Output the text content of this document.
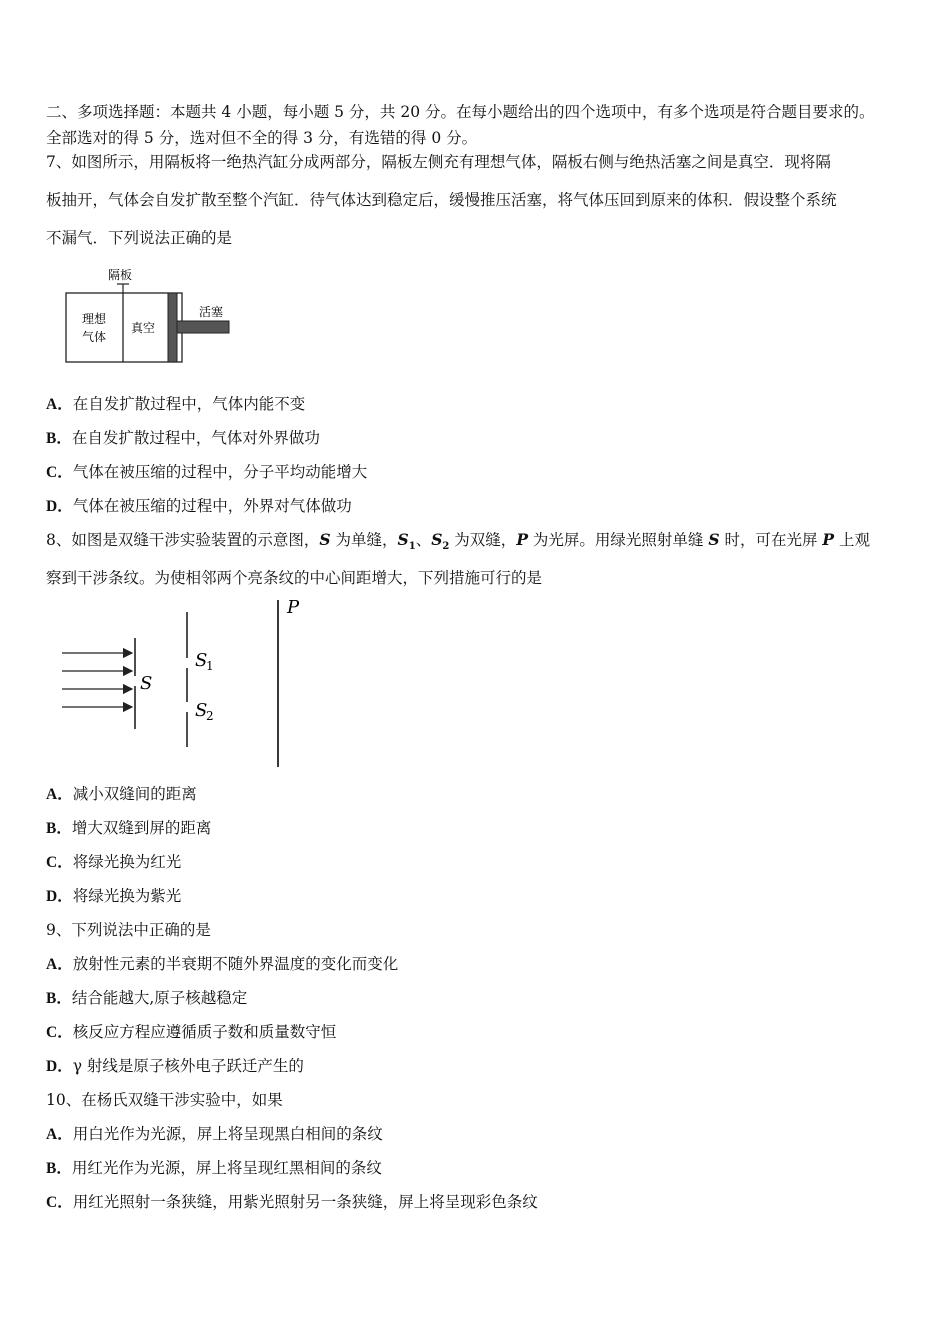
二、多项选择题：本题共 4 小题，每小题 5 分，共 20 分。在每小题给出的四个选项中，有多个选项是符合题目要求的。
全部选对的得 5 分，选对但不全的得 3 分，有选错的得 0 分。
7、如图所示，用隔板将一绝热汽缸分成两部分，隔板左侧充有理想气体，隔板右侧与绝热活塞之间是真空．现将隔
板抽开，气体会自发扩散至整个汽缸．待气体达到稳定后，缓慢推压活塞，将气体压回到原来的体积．假设整个系统
不漏气．下列说法正确的是
隔板
理想
气体
真空
活塞
A．在自发扩散过程中，气体内能不变
B．在自发扩散过程中，气体对外界做功
C．气体在被压缩的过程中，分子平均动能增大
D．气体在被压缩的过程中，外界对气体做功
8、如图是双缝干涉实验装置的示意图，S 为单缝，$S_1$、$S_2$ 为双缝，P 为光屏。用绿光照射单缝 S 时，可在光屏 P 上观
察到干涉条纹。为使相邻两个亮条纹的中心间距增大，下列措施可行的是
S
S
1
S
2
P
A．减小双缝间的距离
B．增大双缝到屏的距离
C．将绿光换为红光
D．将绿光换为紫光
9、下列说法中正确的是
A．放射性元素的半衰期不随外界温度的变化而变化
B．结合能越大,原子核越稳定
C．核反应方程应遵循质子数和质量数守恒
D．γ 射线是原子核外电子跃迁产生的
10、在杨氏双缝干涉实验中，如果
A．用白光作为光源，屏上将呈现黑白相间的条纹
B．用红光作为光源，屏上将呈现红黑相间的条纹
C．用红光照射一条狭缝，用紫光照射另一条狭缝，屏上将呈现彩色条纹
